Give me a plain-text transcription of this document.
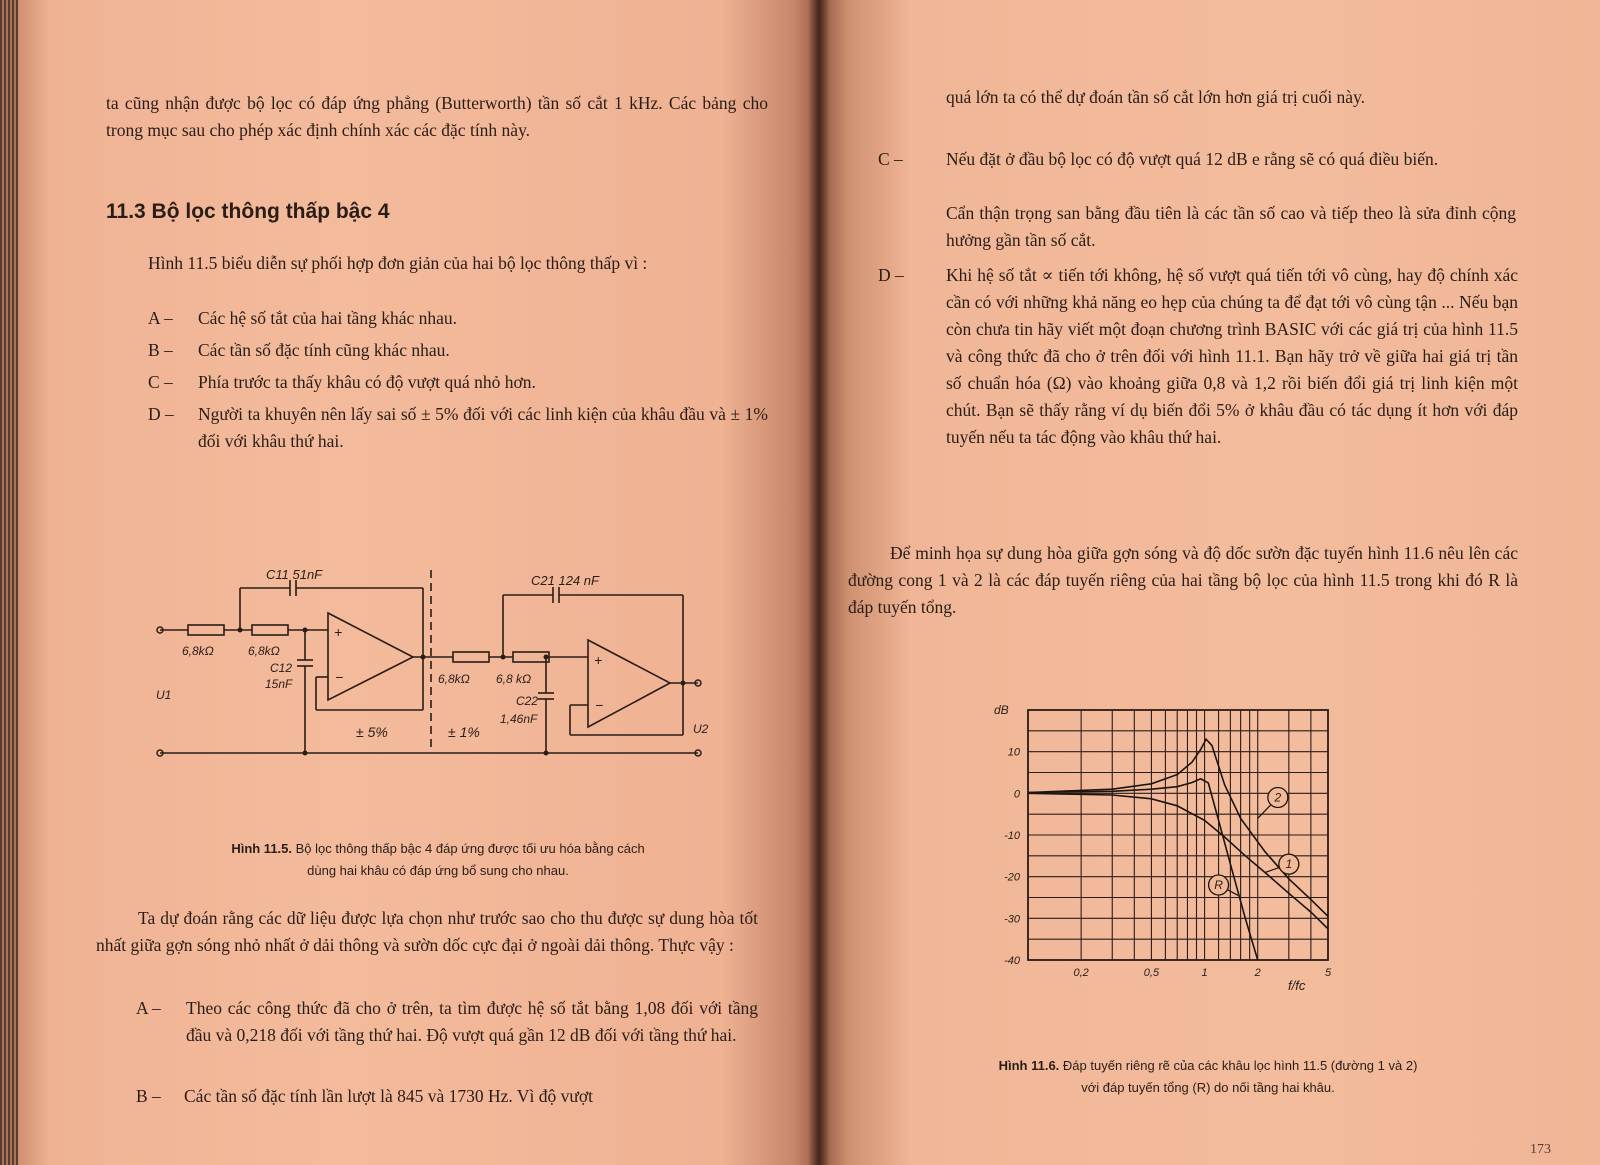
ta cũng nhận được bộ lọc có đáp ứng phẳng (Butterworth) tần số cắt 1 kHz. Các bảng cho trong mục sau cho phép xác định chính xác các đặc tính này.

11.3 Bộ lọc thông thấp bậc 4

Hình 11.5 biểu diễn sự phối hợp đơn giản của hai bộ lọc thông thấp vì :

A – Các hệ số tắt của hai tầng khác nhau.
B – Các tần số đặc tính cũng khác nhau.
C – Phía trước ta thấy khâu có độ vượt quá nhỏ hơn.
D – Người ta khuyên nên lấy sai số ± 5% đối với các linh kiện của khâu đầu và ± 1% đối với khâu thứ hai.
C11 51nF	C21 124 nF
6,8kΩ	6,8kΩ
C12
15nF
U1
6,8kΩ 6,8 kΩ
C22
1,46nF
U2
± 5%	± 1%
+
−
+
−
Hình 11.5. Bộ lọc thông thấp bậc 4 đáp ứng được tối ưu hóa bằng cách
dùng hai khâu có đáp ứng bổ sung cho nhau.

Ta dự đoán rằng các dữ liệu được lựa chọn như trước sao cho thu được sự dung hòa tốt nhất giữa gợn sóng nhỏ nhất ở dải thông và sườn dốc cực đại ở ngoài dải thông. Thực vậy :

A – Theo các công thức đã cho ở trên, ta tìm được hệ số tắt bằng 1,08 đối với tầng đầu và 0,218 đối với tầng thứ hai. Độ vượt quá gần 12 dB đối với tầng thứ hai.
B – Các tần số đặc tính lần lượt là 845 và 1730 Hz. Vì độ vượt

quá lớn ta có thể dự đoán tần số cắt lớn hơn giá trị cuối này.

C – Nếu đặt ở đầu bộ lọc có độ vượt quá 12 dB e rằng sẽ có quá điều biến.
Cẩn thận trọng san bằng đầu tiên là các tần số cao và tiếp theo là sửa đỉnh cộng hưởng gần tần số cắt.
D – Khi hệ số tắt ∝ tiến tới không, hệ số vượt quá tiến tới vô cùng, hay độ chính xác cần có với những khả năng eo hẹp của chúng ta để đạt tới vô cùng tận ... Nếu bạn còn chưa tin hãy viết một đoạn chương trình BASIC với các giá trị của hình 11.5 và công thức đã cho ở trên đối với hình 11.1. Bạn hãy trở về giữa hai giá trị tần số chuẩn hóa (Ω) vào khoảng giữa 0,8 và 1,2 rồi biến đổi giá trị linh kiện một chút. Bạn sẽ thấy rằng ví dụ biến đổi 5% ở khâu đầu có tác dụng ít hơn với đáp tuyến nếu ta tác động vào khâu thứ hai.

Để minh họa sự dung hòa giữa gợn sóng và độ dốc sườn đặc tuyến hình 11.6 nêu lên các đường cong 1 và 2 là các đáp tuyến riêng của hai tầng bộ lọc của hình 11.5 trong khi đó R là đáp tuyến tổng.

10
0
-10
-20
-30
-40
0,2	0,5	1	2	5
dB
f/fc
2
1
R
Hình 11.6. Đáp tuyến riêng rẽ của các khâu lọc hình 11.5 (đường 1 và 2)
với đáp tuyến tổng (R) do nối tầng hai khâu.
173
